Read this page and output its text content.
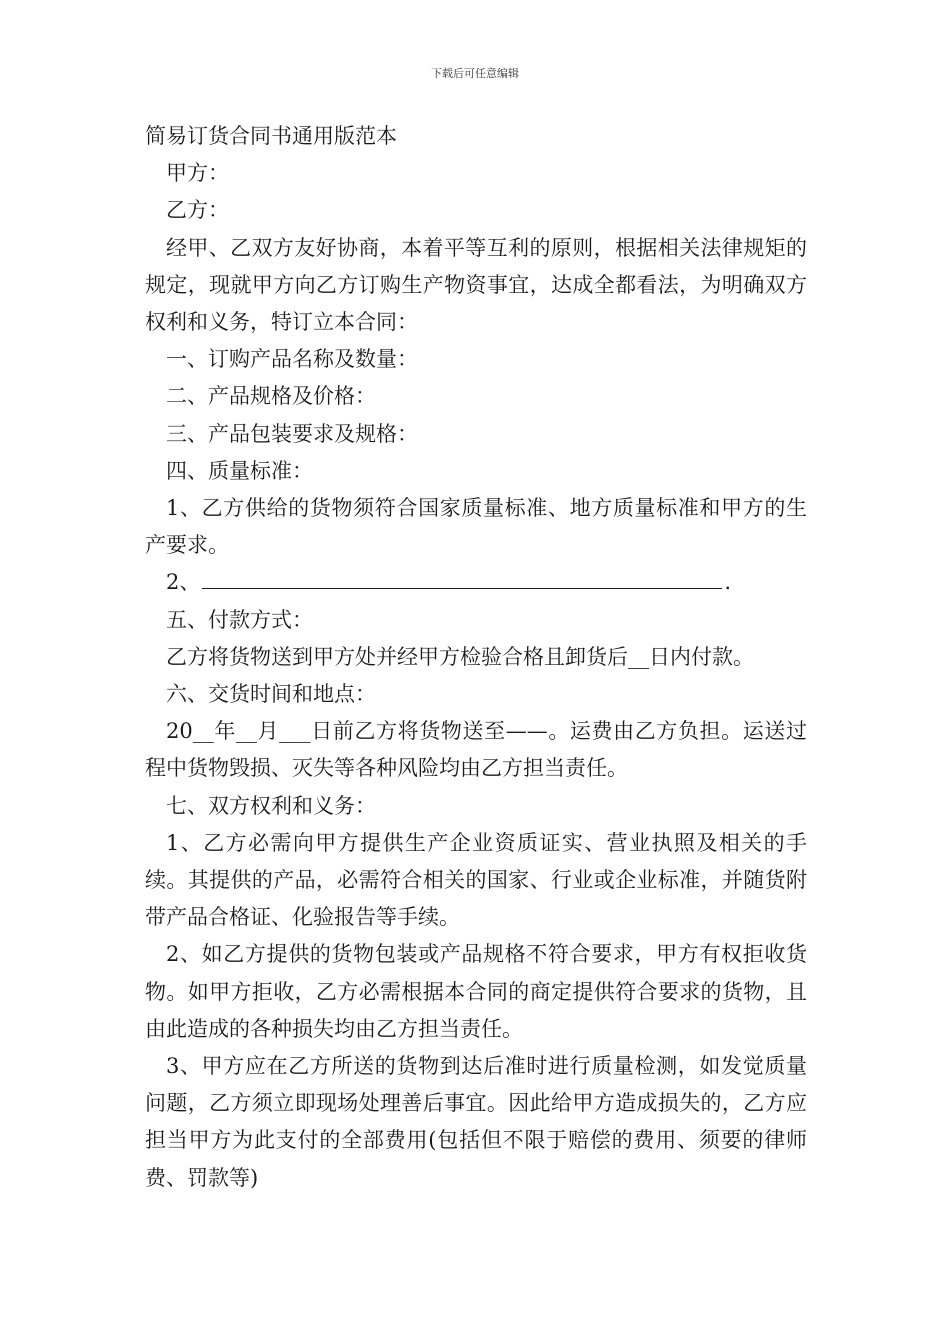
下载后可任意编辑

简易订货合同书通用版范本

甲方：

乙方：

经甲、乙双方友好协商，本着平等互利的原则，根据相关法律规矩的规定，现就甲方向乙方订购生产物资事宜，达成全都看法，为明确双方权利和义务，特订立本合同：

一、订购产品名称及数量：

二、产品规格及价格：

三、产品包装要求及规格：

四、质量标准：

1、乙方供给的货物须符合国家质量标准、地方质量标准和甲方的生产要求。

2、	.

五、付款方式：

乙方将货物送到甲方处并经甲方检验合格且卸货后__日内付款。

六、交货时间和地点：

20__年__月___日前乙方将货物送至——。运费由乙方负担。运送过程中货物毁损、灭失等各种风险均由乙方担当责任。

七、双方权利和义务：

1、乙方必需向甲方提供生产企业资质证实、营业执照及相关的手续。其提供的产品，必需符合相关的国家、行业或企业标准，并随货附带产品合格证、化验报告等手续。

2、如乙方提供的货物包装或产品规格不符合要求，甲方有权拒收货物。如甲方拒收，乙方必需根据本合同的商定提供符合要求的货物，且由此造成的各种损失均由乙方担当责任。

3、甲方应在乙方所送的货物到达后准时进行质量检测，如发觉质量问题，乙方须立即现场处理善后事宜。因此给甲方造成损失的，乙方应担当甲方为此支付的全部费用(包括但不限于赔偿的费用、须要的律师费、罚款等)
